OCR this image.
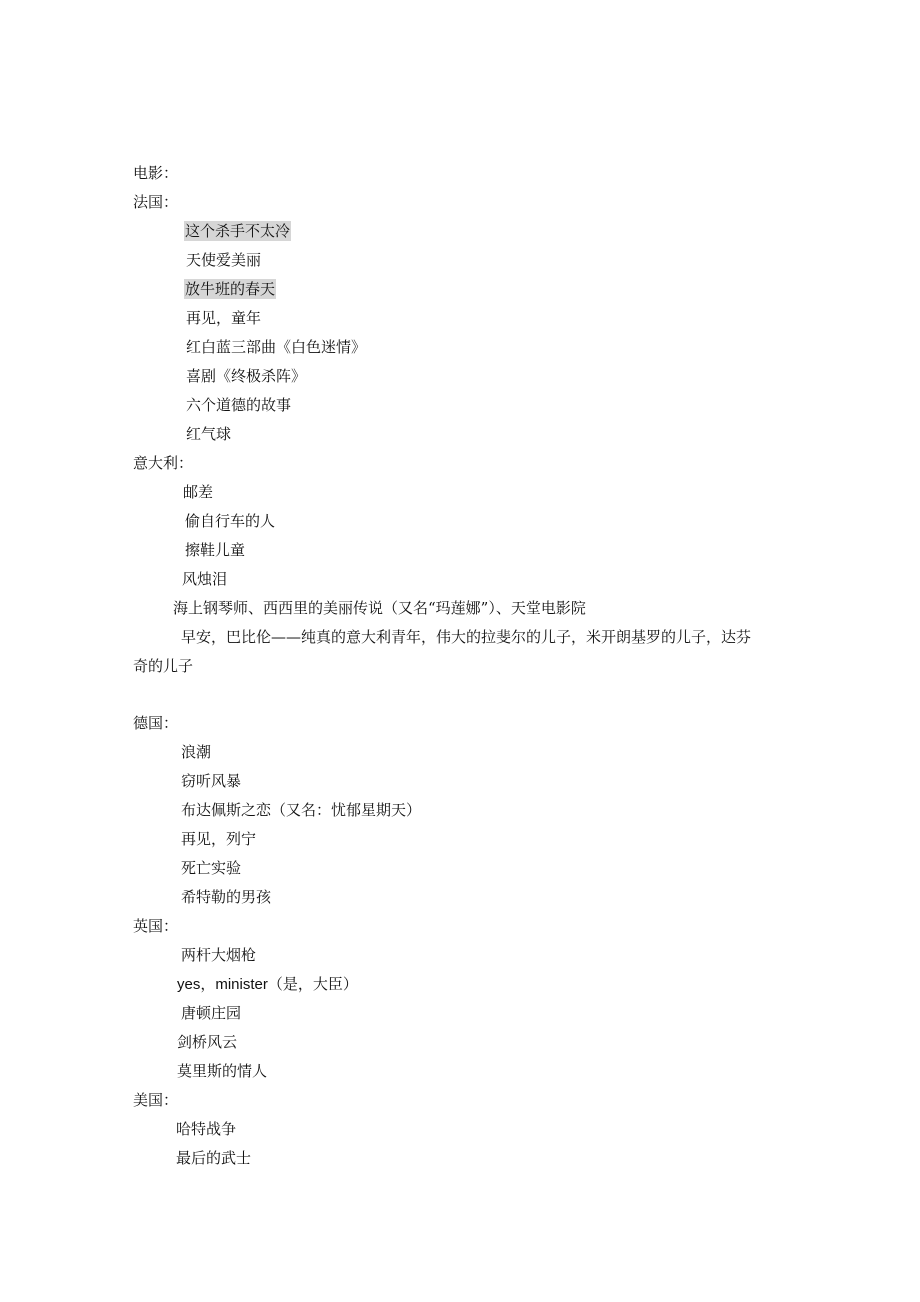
电影：
法国：
这个杀手不太冷
天使爱美丽
放牛班的春天
再见，童年
红白蓝三部曲《白色迷情》
喜剧《终极杀阵》
六个道德的故事
红气球
意大利：
邮差
偷自行车的人
擦鞋儿童
风烛泪
海上钢琴师、西西里的美丽传说（又名“玛莲娜”）、天堂电影院
早安，巴比伦——纯真的意大利青年，伟大的拉斐尔的儿子，米开朗基罗的儿子，达芬
奇的儿子
德国：
浪潮
窃听风暴
布达佩斯之恋（又名：忧郁星期天）
再见，列宁
死亡实验
希特勒的男孩
英国：
两杆大烟枪
yes，minister（是，大臣）
唐顿庄园
剑桥风云
莫里斯的情人
美国：
哈特战争
最后的武士
